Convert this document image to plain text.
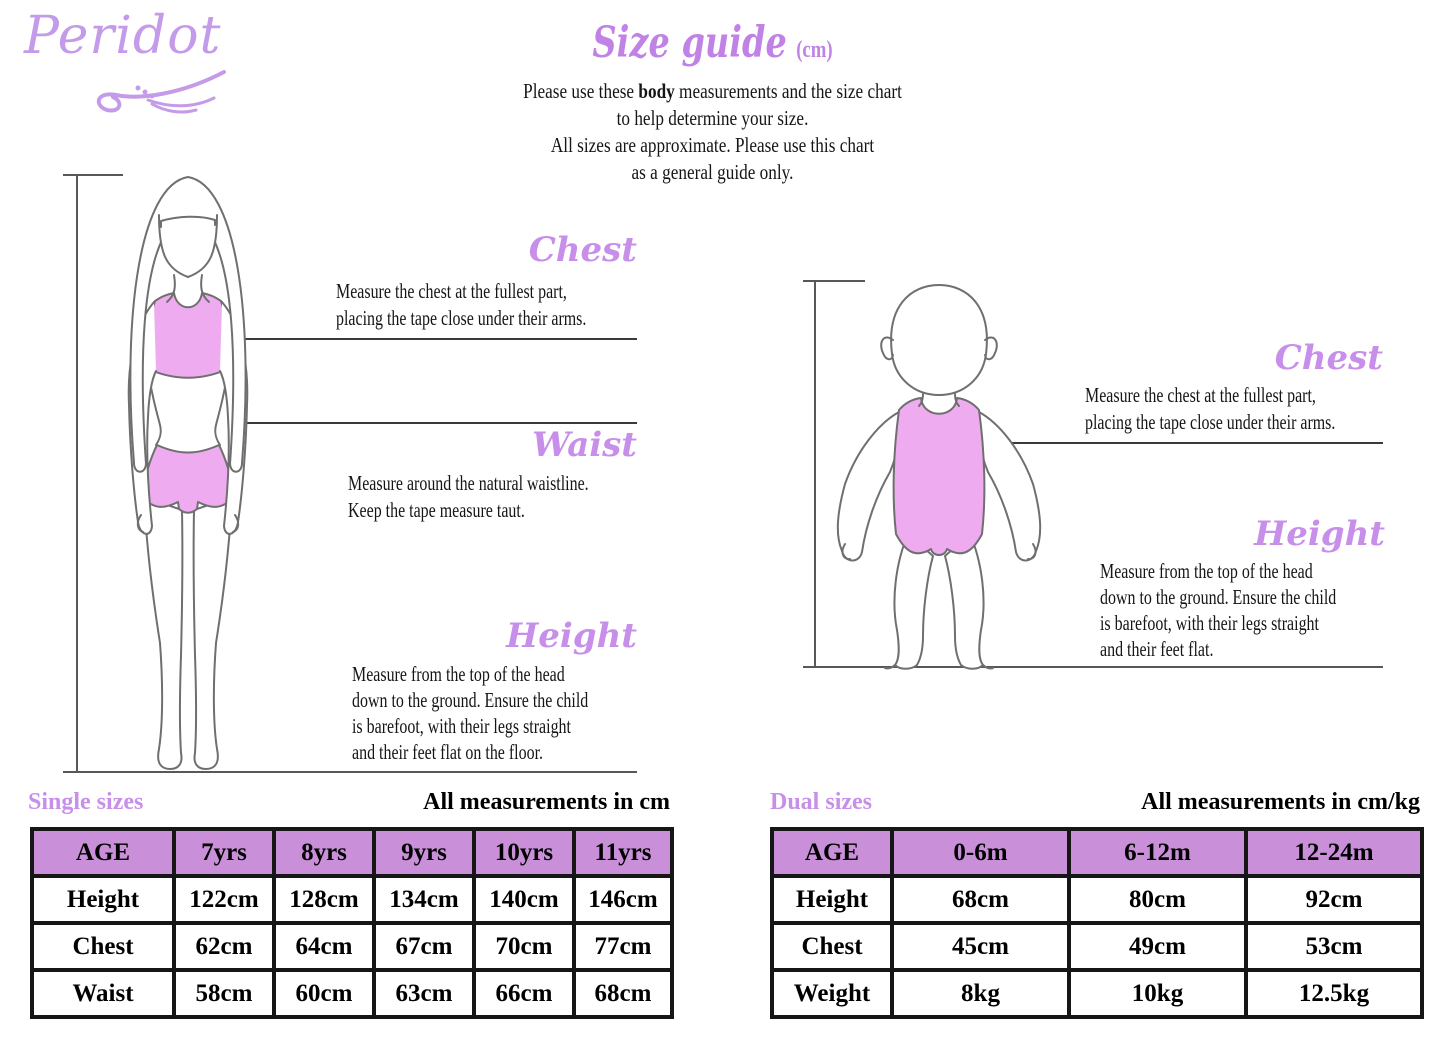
Peridot	Size guide (cm)
Please use these body measurements and the size chart
to help determine your size.
All sizes are approximate. Please use this chart
as a general guide only.
Chest
Measure the chest at the fullest part,
placing the tape close under their arms.
Waist
Measure around the natural waistline.
Keep the tape measure taut.
Height
Measure from the top of the head
down to the ground. Ensure the child
is barefoot, with their legs straight
and their feet flat on the floor.
Chest
Measure the chest at the fullest part,
placing the tape close under their arms.
Height
Measure from the top of the head
down to the ground. Ensure the child
is barefoot, with their legs straight
and their feet flat.
Single sizes	All measurements in cm
AGE	7yrs	8yrs	9yrs	10yrs	11yrs
Height	122cm	128cm	134cm	140cm	146cm
Chest	62cm	64cm	67cm	70cm	77cm
Waist	58cm	60cm	63cm	66cm	68cm
Dual sizes	All measurements in cm/kg
AGE	0-6m	6-12m	12-24m
Height	68cm	80cm	92cm
Chest	45cm	49cm	53cm
Weight	8kg	10kg	12.5kg
